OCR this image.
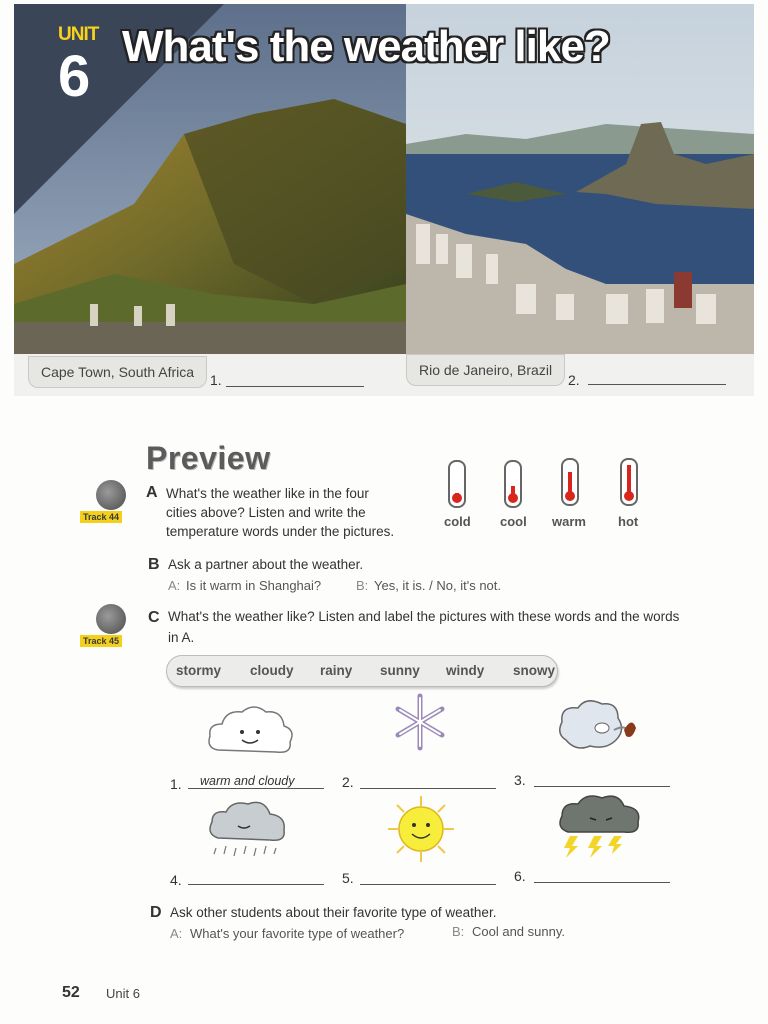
UNIT
6 What's the weather like?
Cape Town, South Africa	1.
Rio de Janeiro, Brazil
2.
Preview
Track 44
A What's the weather like in the four
cities above? Listen and write the
temperature words under the pictures.
cold cool warm hot
B Ask a partner about the weather.
A: Is it warm in Shanghai?	B: Yes, it is. / No, it's not.
Track 45
C What's the weather like? Listen and label the pictures with these words and the words
in A.
stormy cloudy rainy sunny windy snowy
1. warm and cloudy	2.	3.
4.	5.	6.
D Ask other students about their favorite type of weather.
A: What's your favorite type of weather?	B: Cool and sunny.
52 Unit 6
